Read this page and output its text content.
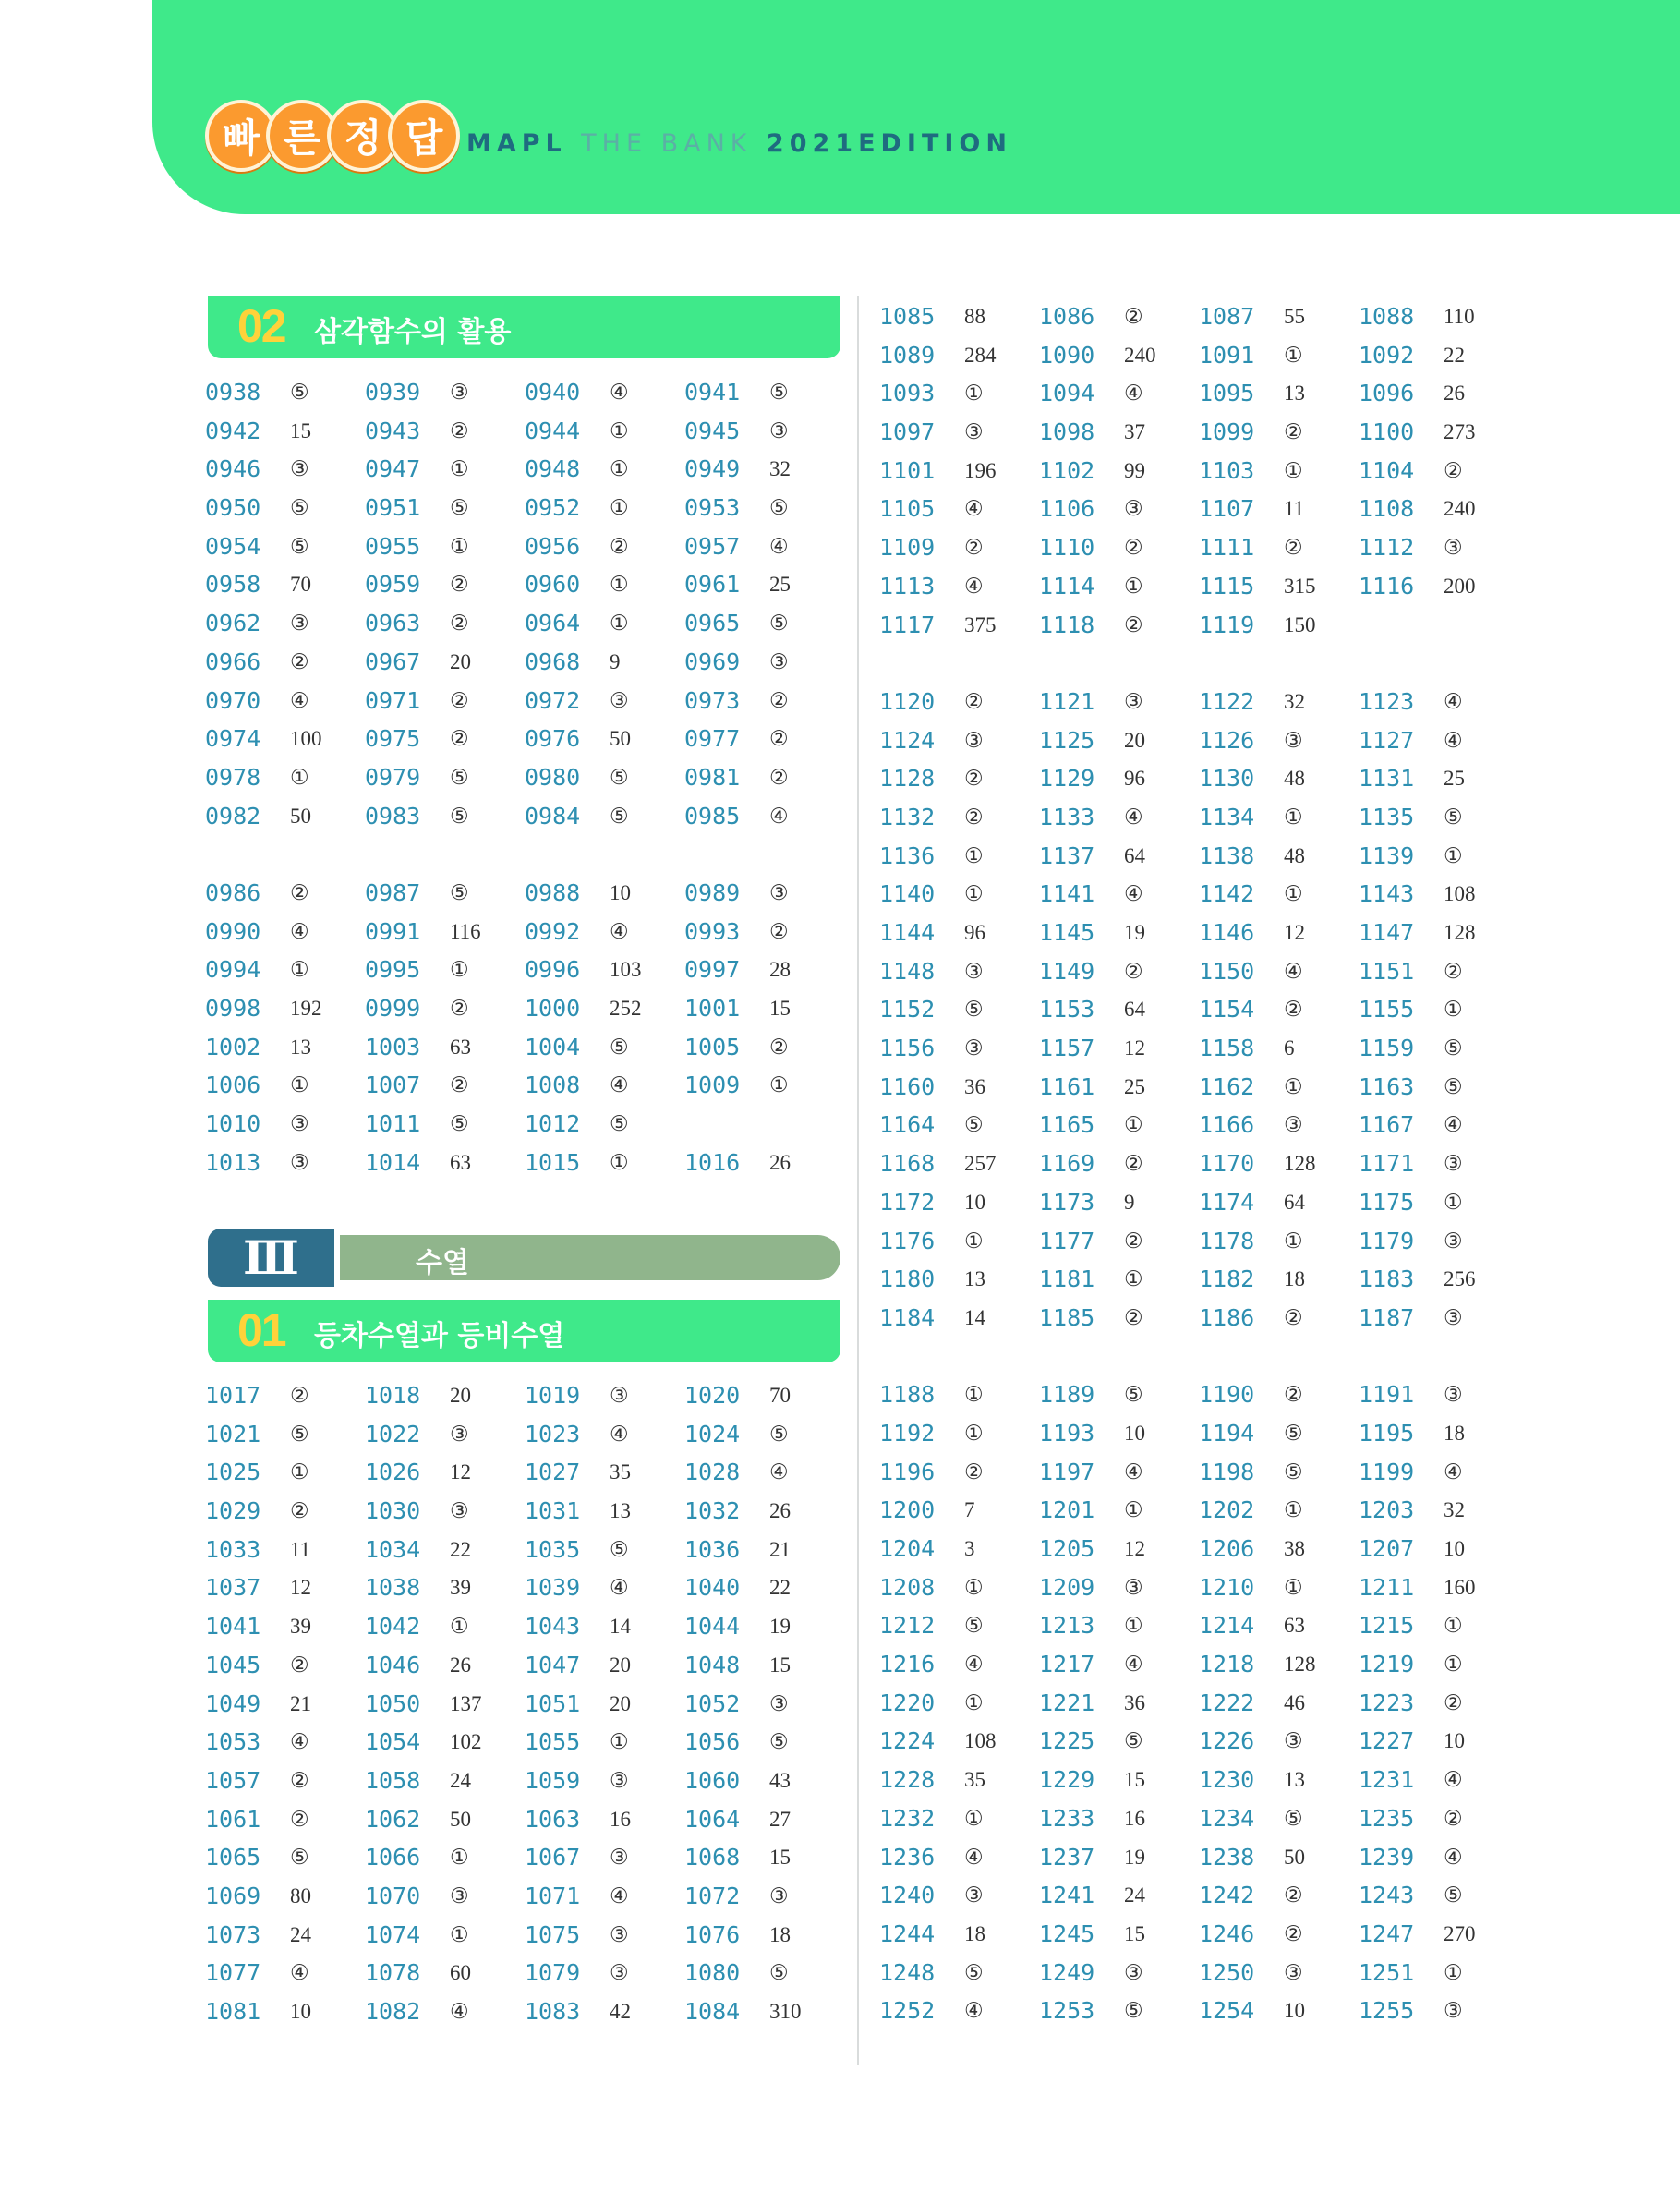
빠 른 정 답 MAPL THE BANK 2021EDITION
02 삼각함수의 활용
Ⅲ	수열
01 등차수열과 등비수열
0938 ⑤ 0939 ③ 0940 ④ 0941 ⑤
0942 15 0943 ② 0944 ① 0945 ③
0946 ③ 0947 ① 0948 ① 0949 32
0950 ⑤ 0951 ⑤ 0952 ① 0953 ⑤
0954 ⑤ 0955 ① 0956 ② 0957 ④
0958 70 0959 ② 0960 ① 0961 25
0962 ③ 0963 ② 0964 ① 0965 ⑤
0966 ② 0967 20 0968 9	0969 ③
0970 ④ 0971 ② 0972 ③ 0973 ②
0974 100 0975 ② 0976 50 0977 ②
0978 ① 0979 ⑤ 0980 ⑤ 0981 ②
0982 50 0983 ⑤ 0984 ⑤ 0985 ④
0986 ② 0987 ⑤ 0988 10 0989 ③
0990 ④ 0991 116 0992 ④ 0993 ②
0994 ① 0995 ① 0996 103 0997 28
0998 192 0999 ② 1000 252 1001 15
1002 13 1003 63 1004 ⑤ 1005 ②
1006 ① 1007 ② 1008 ④ 1009 ①
1010 ③ 1011 ⑤ 1012 ⑤
1013 ③ 1014 63 1015 ① 1016 26
1017 ② 1018 20 1019 ③ 1020 70
1021 ⑤ 1022 ③ 1023 ④ 1024 ⑤
1025 ① 1026 12 1027 35 1028 ④
1029 ② 1030 ③ 1031 13 1032 26
1033 11 1034 22 1035 ⑤ 1036 21
1037 12 1038 39 1039 ④ 1040 22
1041 39 1042 ① 1043 14 1044 19
1045 ② 1046 26 1047 20 1048 15
1049 21 1050 137 1051 20 1052 ③
1053 ④ 1054 102 1055 ① 1056 ⑤
1057 ② 1058 24 1059 ③ 1060 43
1061 ② 1062 50 1063 16 1064 27
1065 ⑤ 1066 ① 1067 ③ 1068 15
1069 80 1070 ③ 1071 ④ 1072 ③
1073 24 1074 ① 1075 ③ 1076 18
1077 ④ 1078 60 1079 ③ 1080 ⑤
1081 10 1082 ④ 1083 42 1084 310
1085 88 1086 ② 1087 55 1088 110
1089 284 1090 240 1091 ① 1092 22
1093 ① 1094 ④ 1095 13 1096 26
1097 ③ 1098 37 1099 ② 1100 273
1101 196 1102 99 1103 ① 1104 ②
1105 ④ 1106 ③ 1107 11 1108 240
1109 ② 1110 ② 1111 ② 1112 ③
1113 ④ 1114 ① 1115 315 1116 200
1117 375 1118 ② 1119 150
1120 ② 1121 ③ 1122 32 1123 ④
1124 ③ 1125 20 1126 ③ 1127 ④
1128 ② 1129 96 1130 48 1131 25
1132 ② 1133 ④ 1134 ① 1135 ⑤
1136 ① 1137 64 1138 48 1139 ①
1140 ① 1141 ④ 1142 ① 1143 108
1144 96 1145 19 1146 12 1147 128
1148 ③ 1149 ② 1150 ④ 1151 ②
1152 ⑤ 1153 64 1154 ② 1155 ①
1156 ③ 1157 12 1158 6	1159 ⑤
1160 36 1161 25 1162 ① 1163 ⑤
1164 ⑤ 1165 ① 1166 ③ 1167 ④
1168 257 1169 ② 1170 128 1171 ③
1172 10 1173 9	1174 64 1175 ①
1176 ① 1177 ② 1178 ① 1179 ③
1180 13 1181 ① 1182 18 1183 256
1184 14 1185 ② 1186 ② 1187 ③
1188 ① 1189 ⑤ 1190 ② 1191 ③
1192 ① 1193 10 1194 ⑤ 1195 18
1196 ② 1197 ④ 1198 ⑤ 1199 ④
1200 7	1201 ① 1202 ① 1203 32
1204 3	1205 12 1206 38 1207 10
1208 ① 1209 ③ 1210 ① 1211 160
1212 ⑤ 1213 ① 1214 63 1215 ①
1216 ④ 1217 ④ 1218 128 1219 ①
1220 ① 1221 36 1222 46 1223 ②
1224 108 1225 ⑤ 1226 ③ 1227 10
1228 35 1229 15 1230 13 1231 ④
1232 ① 1233 16 1234 ⑤ 1235 ②
1236 ④ 1237 19 1238 50 1239 ④
1240 ③ 1241 24 1242 ② 1243 ⑤
1244 18 1245 15 1246 ② 1247 270
1248 ⑤ 1249 ③ 1250 ③ 1251 ①
1252 ④ 1253 ⑤ 1254 10 1255 ③
